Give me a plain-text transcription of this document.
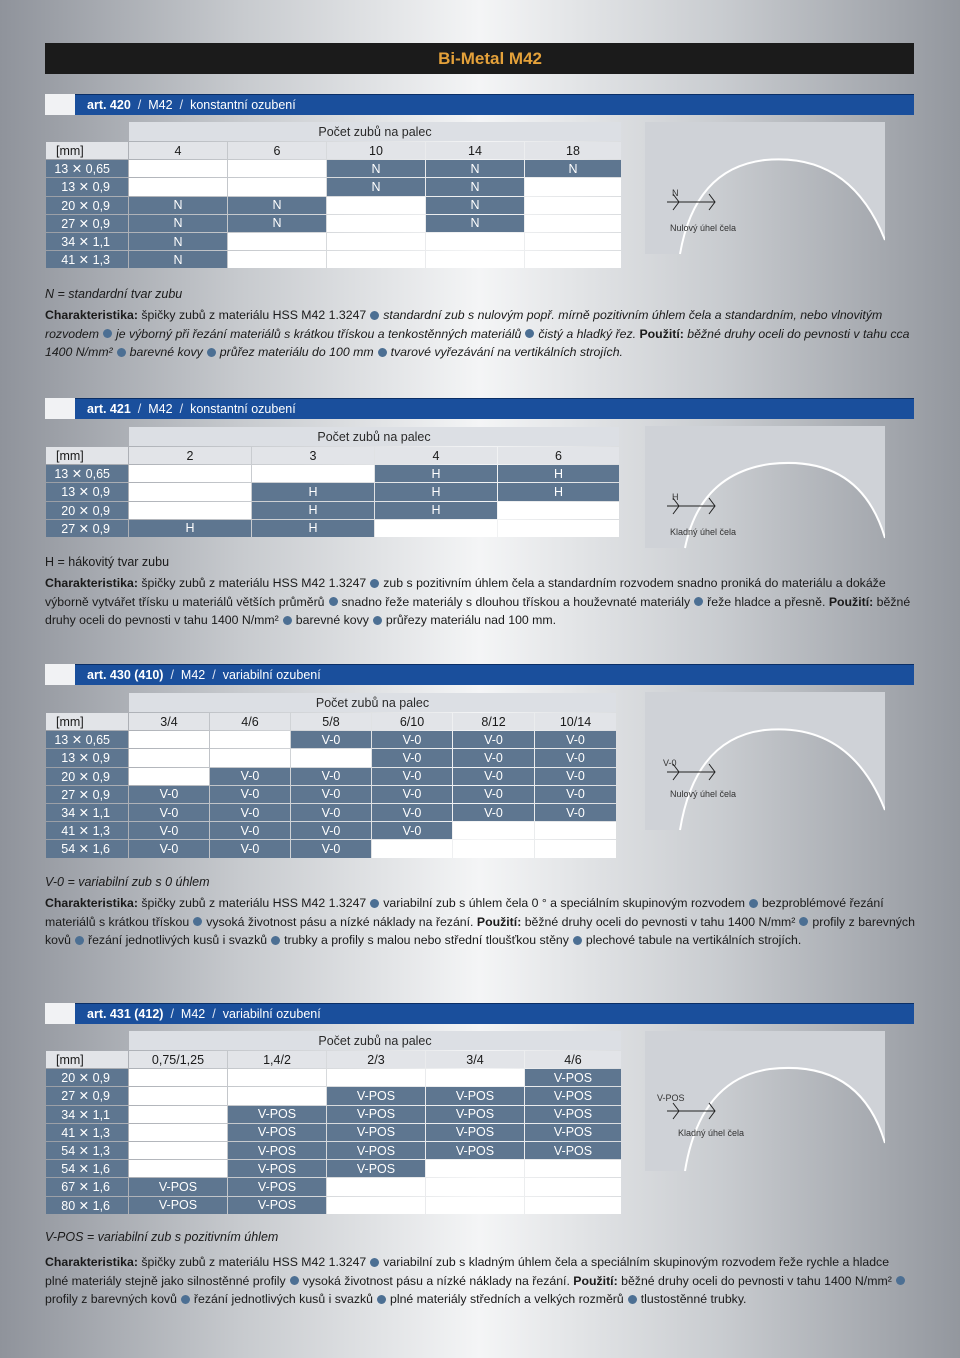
Bi-Metal M42
art. 420 / M42 / konstantní ozubení
	Počet zubů na palec				
[mm]	4	6	10	14	18
13 ✕ 0,65			N	N	N
13 ✕ 0,9			N	N	
20 ✕ 0,9	N	N		N	
27 ✕ 0,9	N	N		N	
34 ✕ 1,1	N				
41 ✕ 1,3	N				
N = standardní tvar zubu
N
Nulový úhel čela
Charakteristika: špičky zubů z materiálu HSS M42 1.3247 standardní zub s nulovým popř. mírně pozitivním úhlem čela a standardním, nebo vlnovitým rozvodem je výborný při řezání materiálů s krátkou třískou a tenkostěnných materiálů čistý a hladký řez. Použití: běžné druhy oceli do pevnosti v tahu cca 1400 N/mm² barevné kovy průřez materiálu do 100 mm tvarové vyřezávání na vertikálních strojích.
art. 421 / M42 / konstantní ozubení
	Počet zubů na palec			
[mm]	2	3	4	6
13 ✕ 0,65			H	H
13 ✕ 0,9		H	H	H
20 ✕ 0,9		H	H	
27 ✕ 0,9	H	H		
H = hákovitý tvar zubu
H
Kladný úhel čela
Charakteristika: špičky zubů z materiálu HSS M42 1.3247 zub s pozitivním úhlem čela a standardním rozvodem snadno proniká do materiálu a dokáže výborně vytvářet třísku u materiálů větších průměrů snadno řeže materiály s dlouhou třískou a houževnaté materiály řeže hladce a přesně. Použití: běžné druhy oceli do pevnosti v tahu 1400 N/mm² barevné kovy průřezy materiálu nad 100 mm.
art. 430 (410) / M42 / variabilní ozubení
	Počet zubů na palec					
[mm]	3/4	4/6	5/8	6/10	8/12	10/14
13 ✕ 0,65			V-0	V-0	V-0	V-0
13 ✕ 0,9				V-0	V-0	V-0
20 ✕ 0,9		V-0	V-0	V-0	V-0	V-0
27 ✕ 0,9	V-0	V-0	V-0	V-0	V-0	V-0
34 ✕ 1,1	V-0	V-0	V-0	V-0	V-0	V-0
41 ✕ 1,3	V-0	V-0	V-0	V-0		
54 ✕ 1,6	V-0	V-0	V-0			
V-0 = variabilní zub s 0 úhlem
V-0
Nulový úhel čela
Charakteristika: špičky zubů z materiálu HSS M42 1.3247 variabilní zub s úhlem čela 0 ° a speciálním skupinovým rozvodem bezproblémové řezání materiálů s krátkou třískou vysoká životnost pásu a nízké náklady na řezání. Použití: běžné druhy oceli do pevnosti v tahu 1400 N/mm² profily z barevných kovů řezání jednotlivých kusů i svazků trubky a profily s malou nebo střední tloušťkou stěny plechové tabule na vertikálních strojích.
art. 431 (412) / M42 / variabilní ozubení
	Počet zubů na palec				
[mm]	0,75/1,25	1,4/2	2/3	3/4	4/6
20 ✕ 0,9					V-POS
27 ✕ 0,9			V-POS	V-POS	V-POS
34 ✕ 1,1		V-POS	V-POS	V-POS	V-POS
41 ✕ 1,3		V-POS	V-POS	V-POS	V-POS
54 ✕ 1,3		V-POS	V-POS	V-POS	V-POS
54 ✕ 1,6		V-POS	V-POS		
67 ✕ 1,6	V-POS	V-POS			
80 ✕ 1,6	V-POS	V-POS			
V-POS = variabilní zub s pozitivním úhlem
V-POS
Kladný úhel čela
Charakteristika: špičky zubů z materiálu HSS M42 1.3247 variabilní zub s kladným úhlem čela a speciálním skupinovým rozvodem řeže rychle a hladce plné materiály stejně jako silnostěnné profily vysoká životnost pásu a nízké náklady na řezání. Použití: běžné druhy oceli do pevnosti v tahu 1400 N/mm²profily z barevných kovů řezání jednotlivých kusů i svazků plné materiály středních a velkých rozměrů tlustostěnné trubky.
